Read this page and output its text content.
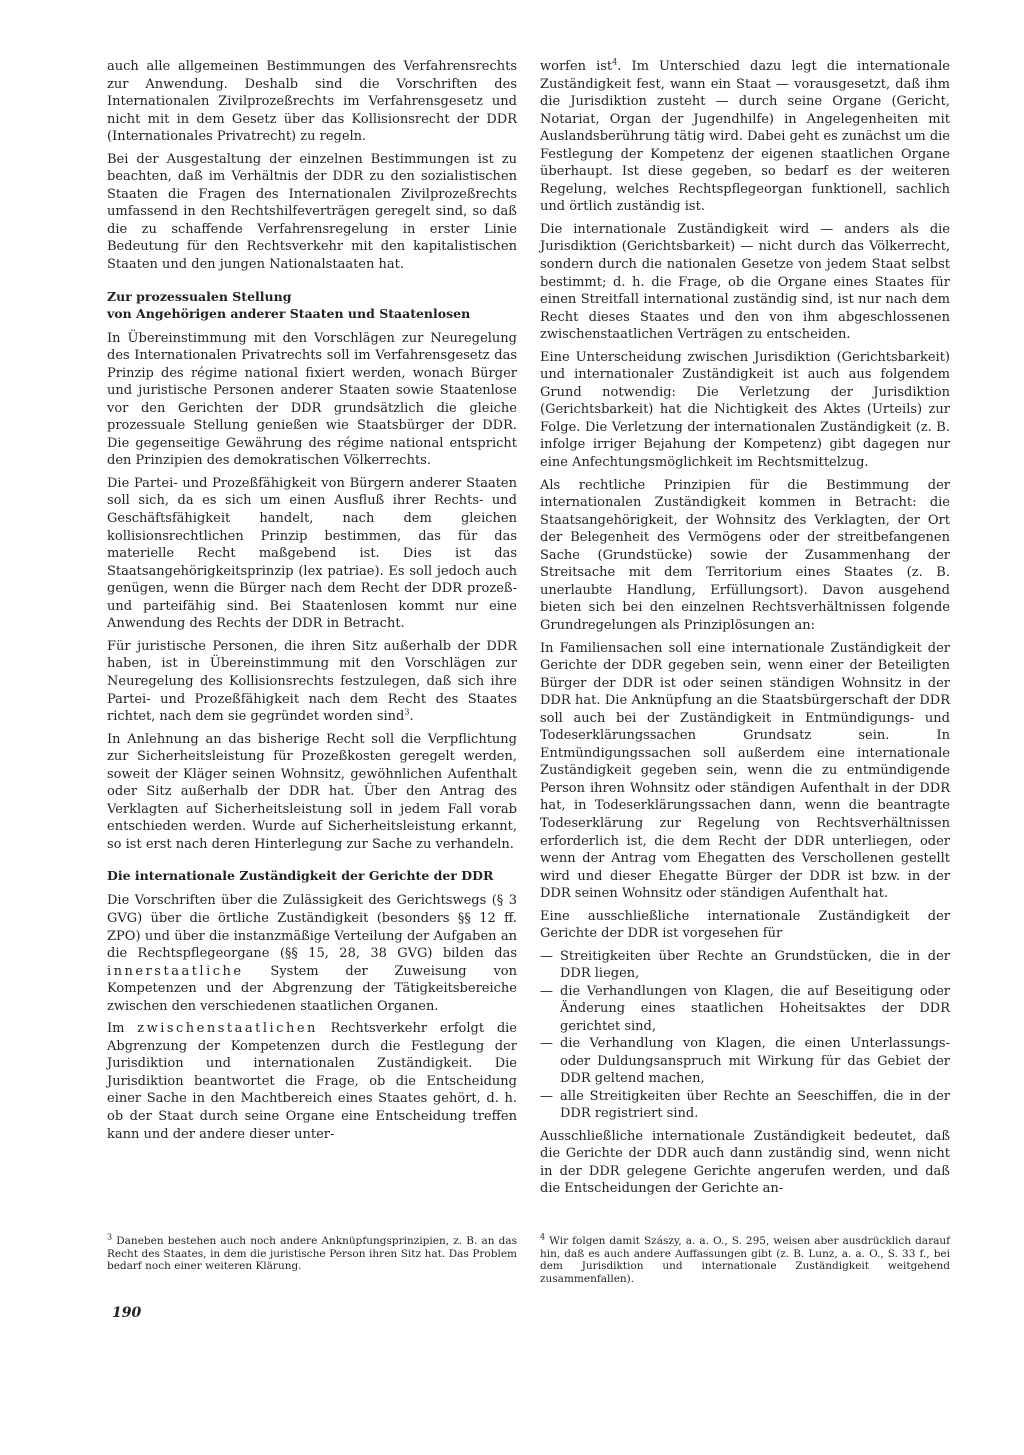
auch alle allgemeinen Bestimmungen des Verfahrensrechts zur Anwendung. Deshalb sind die Vorschriften des Internationalen Zivilprozeßrechts im Verfahrensgesetz und nicht mit in dem Gesetz über das Kollisionsrecht der DDR (Internationales Privatrecht) zu regeln.

Bei der Ausgestaltung der einzelnen Bestimmungen ist zu beachten, daß im Verhältnis der DDR zu den sozialistischen Staaten die Fragen des Internationalen Zivilprozeßrechts umfassend in den Rechtshilfeverträgen geregelt sind, so daß die zu schaffende Verfahrensregelung in erster Linie Bedeutung für den Rechtsverkehr mit den kapitalistischen Staaten und den jungen Nationalstaaten hat.

Zur prozessualen Stellung
von Angehörigen anderer Staaten und Staatenlosen

In Übereinstimmung mit den Vorschlägen zur Neuregelung des Internationalen Privatrechts soll im Verfahrensgesetz das Prinzip des régime national fixiert werden, wonach Bürger und juristische Personen anderer Staaten sowie Staatenlose vor den Gerichten der DDR grundsätzlich die gleiche prozessuale Stellung genießen wie Staatsbürger der DDR. Die gegenseitige Gewährung des régime national entspricht den Prinzipien des demokratischen Völkerrechts.

Die Partei- und Prozeßfähigkeit von Bürgern anderer Staaten soll sich, da es sich um einen Ausfluß ihrer Rechts- und Geschäftsfähigkeit handelt, nach dem gleichen kollisionsrechtlichen Prinzip bestimmen, das für das materielle Recht maßgebend ist. Dies ist das Staatsangehörigkeitsprinzip (lex patriae). Es soll jedoch auch genügen, wenn die Bürger nach dem Recht der DDR prozeß- und parteifähig sind. Bei Staatenlosen kommt nur eine Anwendung des Rechts der DDR in Betracht.

Für juristische Personen, die ihren Sitz außerhalb der DDR haben, ist in Übereinstimmung mit den Vorschlägen zur Neuregelung des Kollisionsrechts festzulegen, daß sich ihre Partei- und Prozeßfähigkeit nach dem Recht des Staates richtet, nach dem sie gegründet worden sind$^3$.

In Anlehnung an das bisherige Recht soll die Verpflichtung zur Sicherheitsleistung für Prozeßkosten geregelt werden, soweit der Kläger seinen Wohnsitz, gewöhnlichen Aufenthalt oder Sitz außerhalb der DDR hat. Über den Antrag des Verklagten auf Sicherheitsleistung soll in jedem Fall vorab entschieden werden. Wurde auf Sicherheitsleistung erkannt, so ist erst nach deren Hinterlegung zur Sache zu verhandeln.

Die internationale Zuständigkeit der Gerichte der DDR

Die Vorschriften über die Zulässigkeit des Gerichtswegs (§ 3 GVG) über die örtliche Zuständigkeit (besonders §§ 12 ff. ZPO) und über die instanzmäßige Verteilung der Aufgaben an die Rechtspflegeorgane (§§ 15, 28, 38 GVG) bilden das innerstaatliche System der Zuweisung von Kompetenzen und der Abgrenzung der Tätigkeitsbereiche zwischen den verschiedenen staatlichen Organen.

Im zwischenstaatlichen Rechtsverkehr erfolgt die Abgrenzung der Kompetenzen durch die Festlegung der Jurisdiktion und internationalen Zuständigkeit. Die Jurisdiktion beantwortet die Frage, ob die Entscheidung einer Sache in den Machtbereich eines Staates gehört, d. h. ob der Staat durch seine Organe eine Entscheidung treffen kann und der andere dieser unter-

worfen ist$^4$. Im Unterschied dazu legt die internationale Zuständigkeit fest, wann ein Staat — vorausgesetzt, daß ihm die Jurisdiktion zusteht — durch seine Organe (Gericht, Notariat, Organ der Jugendhilfe) in Angelegenheiten mit Auslandsberührung tätig wird. Dabei geht es zunächst um die Festlegung der Kompetenz der eigenen staatlichen Organe überhaupt. Ist diese gegeben, so bedarf es der weiteren Regelung, welches Rechtspflegeorgan funktionell, sachlich und örtlich zuständig ist.

Die internationale Zuständigkeit wird — anders als die Jurisdiktion (Gerichtsbarkeit) — nicht durch das Völkerrecht, sondern durch die nationalen Gesetze von jedem Staat selbst bestimmt; d. h. die Frage, ob die Organe eines Staates für einen Streitfall international zuständig sind, ist nur nach dem Recht dieses Staates und den von ihm abgeschlossenen zwischenstaatlichen Verträgen zu entscheiden.

Eine Unterscheidung zwischen Jurisdiktion (Gerichtsbarkeit) und internationaler Zuständigkeit ist auch aus folgendem Grund notwendig: Die Verletzung der Jurisdiktion (Gerichtsbarkeit) hat die Nichtigkeit des Aktes (Urteils) zur Folge. Die Verletzung der internationalen Zuständigkeit (z. B. infolge irriger Bejahung der Kompetenz) gibt dagegen nur eine Anfechtungsmöglichkeit im Rechtsmittelzug.

Als rechtliche Prinzipien für die Bestimmung der internationalen Zuständigkeit kommen in Betracht: die Staatsangehörigkeit, der Wohnsitz des Verklagten, der Ort der Belegenheit des Vermögens oder der streitbefangenen Sache (Grundstücke) sowie der Zusammenhang der Streitsache mit dem Territorium eines Staates (z. B. unerlaubte Handlung, Erfüllungsort). Davon ausgehend bieten sich bei den einzelnen Rechtsverhältnissen folgende Grundregelungen als Prinziplösungen an:

In Familiensachen soll eine internationale Zuständigkeit der Gerichte der DDR gegeben sein, wenn einer der Beteiligten Bürger der DDR ist oder seinen ständigen Wohnsitz in der DDR hat. Die Anknüpfung an die Staatsbürgerschaft der DDR soll auch bei der Zuständigkeit in Entmündigungs- und Todeserklärungssachen Grundsatz sein. In Entmündigungssachen soll außerdem eine internationale Zuständigkeit gegeben sein, wenn die zu entmündigende Person ihren Wohnsitz oder ständigen Aufenthalt in der DDR hat, in Todeserklärungssachen dann, wenn die beantragte Todeserklärung zur Regelung von Rechtsverhältnissen erforderlich ist, die dem Recht der DDR unterliegen, oder wenn der Antrag vom Ehegatten des Verschollenen gestellt wird und dieser Ehegatte Bürger der DDR ist bzw. in der DDR seinen Wohnsitz oder ständigen Aufenthalt hat.

Eine ausschließliche internationale Zuständigkeit der Gerichte der DDR ist vorgesehen für

— Streitigkeiten über Rechte an Grundstücken, die in der DDR liegen,
— die Verhandlungen von Klagen, die auf Beseitigung oder Änderung eines staatlichen Hoheitsaktes der DDR gerichtet sind,
— die Verhandlung von Klagen, die einen Unterlassungs- oder Duldungsanspruch mit Wirkung für das Gebiet der DDR geltend machen,
— alle Streitigkeiten über Rechte an Seeschiffen, die in der DDR registriert sind.

Ausschließliche internationale Zuständigkeit bedeutet, daß die Gerichte der DDR auch dann zuständig sind, wenn nicht in der DDR gelegene Gerichte angerufen werden, und daß die Entscheidungen der Gerichte an-

$^3$ Daneben bestehen auch noch andere Anknüpfungsprinzipien, z. B. an das Recht des Staates, in dem die juristische Person ihren Sitz hat. Das Problem bedarf noch einer weiteren Klärung.

$^4$ Wir folgen damit Szászy, a. a. O., S. 295, weisen aber ausdrücklich darauf hin, daß es auch andere Auffassungen gibt (z. B. Lunz, a. a. O., S. 33 f., bei dem Jurisdiktion und internationale Zuständigkeit weitgehend zusammenfallen).

190
